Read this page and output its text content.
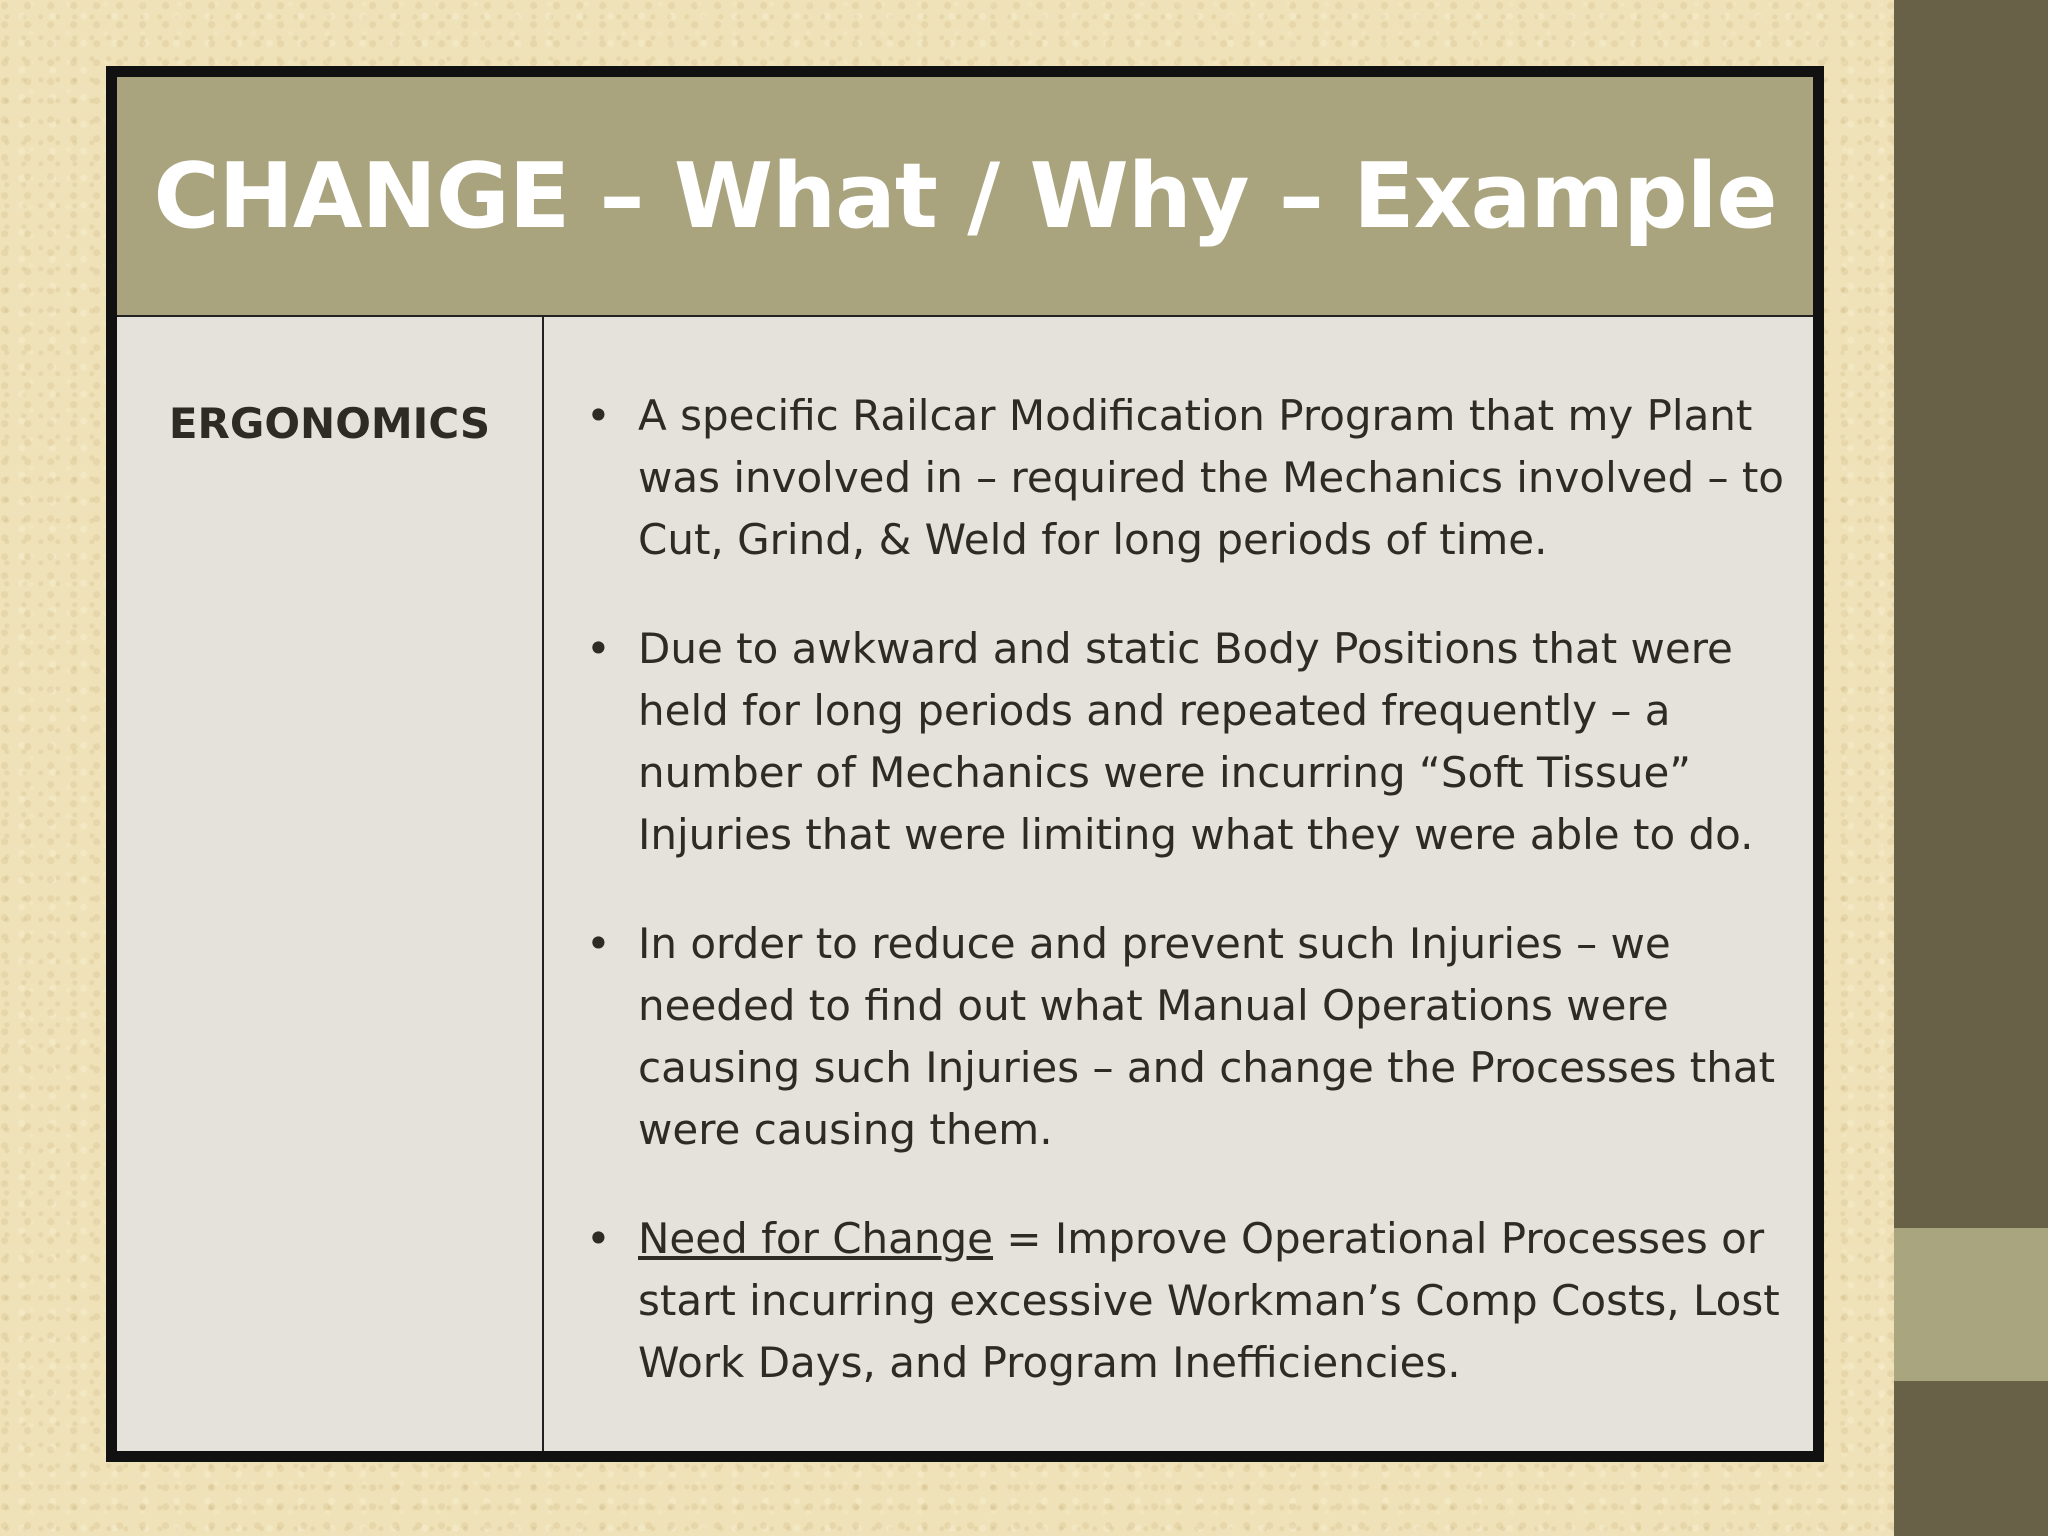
CHANGE – What / Why – Example
ERGONOMICS
•	A specific Railcar Modification Program that my Plant was involved in – required the Mechanics involved – to Cut, Grind, & Weld for long periods of time.
• Due to awkward and static Body Positions that were held for long periods and repeated frequently – a number of Mechanics were incurring “Soft Tissue” Injuries that were limiting what they were able to do.
• In order to reduce and prevent such Injuries – we needed to find out what Manual Operations were causing such Injuries – and change the Processes that were causing them.
• Need for Change = Improve Operational Processes or start incurring excessive Workman’s Comp Costs, Lost Work Days, and Program Inefficiencies.
